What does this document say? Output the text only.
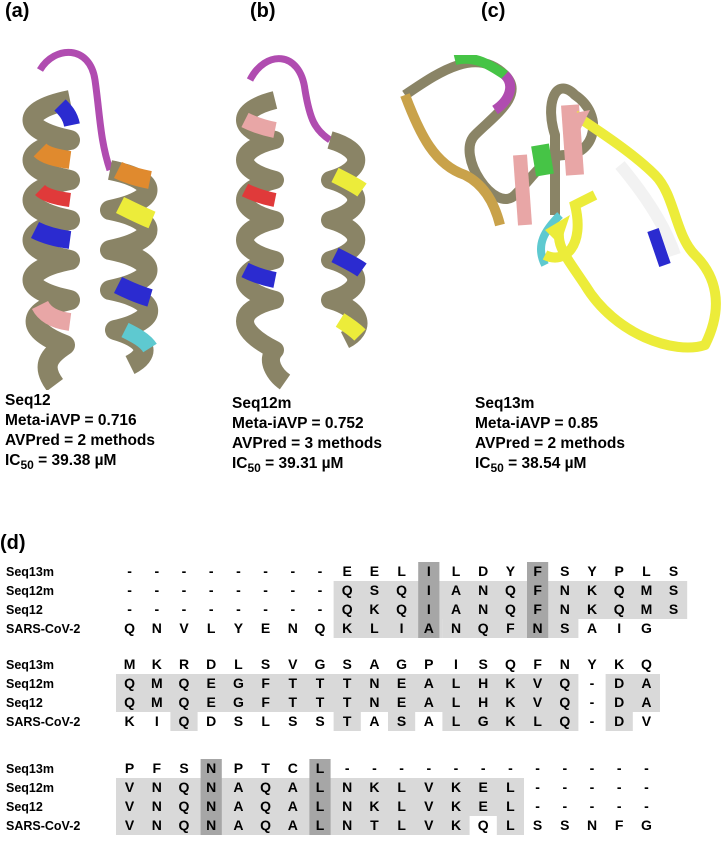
(a)	(b)	(c)
(d)
Seq12
Meta-iAVP = 0.716
AVPred = 2 methods
$IC_{50} = 39.38$ µM
Seq12m
Meta-iAVP = 0.752
AVPred = 3 methods
$IC_{50} = 39.31$ µM
Seq13m
Meta-iAVP = 0.85
AVPred = 2 methods
$IC_{50} = 38.54$ µM
Seq13m	- - - - - - - - E E L I L D Y F S Y P L S
Seq12m	- - - - - - - - Q S Q I A N Q F N K Q M S
Seq12	- - - - - - - - Q K Q I A N Q F N K Q M S
SARS-CoV-2	Q N V L Y E N Q K L I A N Q F N S A I G
Seq13m	M K R D L S V G S A G P I S Q F N Y K Q
Seq12m	Q M Q E G F T T T N E A L H K V Q - D A
Seq12	Q M Q E G F T T T N E A L H K V Q - D A
SARS-CoV-2	K I Q D S L S S T A S A L G K L Q - D V
Seq13m	P F S N P T C L - - - - - - - - - - - -
Seq12m	V N Q N A Q A L N K L V K E L - - - - -
Seq12	V N Q N A Q A L N K L V K E L - - - - -
SARS-CoV-2	V N Q N A Q A L N T L V K Q L S S N F G
